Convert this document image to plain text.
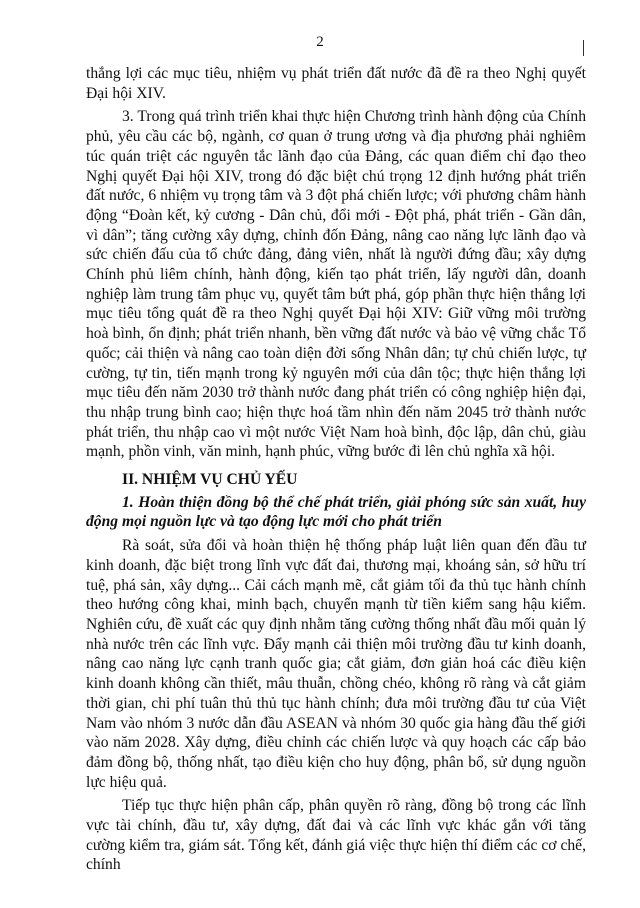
2

thắng lợi các mục tiêu, nhiệm vụ phát triển đất nước đã đề ra theo Nghị quyết Đại hội XIV.

3. Trong quá trình triển khai thực hiện Chương trình hành động của Chính phủ, yêu cầu các bộ, ngành, cơ quan ở trung ương và địa phương phải nghiêm túc quán triệt các nguyên tắc lãnh đạo của Đảng, các quan điểm chỉ đạo theo Nghị quyết Đại hội XIV, trong đó đặc biệt chú trọng 12 định hướng phát triển đất nước, 6 nhiệm vụ trọng tâm và 3 đột phá chiến lược; với phương châm hành động “Đoàn kết, kỷ cương - Dân chủ, đổi mới - Đột phá, phát triển - Gần dân, vì dân”; tăng cường xây dựng, chỉnh đốn Đảng, nâng cao năng lực lãnh đạo và sức chiến đấu của tổ chức đảng, đảng viên, nhất là người đứng đầu; xây dựng Chính phủ liêm chính, hành động, kiến tạo phát triển, lấy người dân, doanh nghiệp làm trung tâm phục vụ, quyết tâm bứt phá, góp phần thực hiện thắng lợi mục tiêu tổng quát đề ra theo Nghị quyết Đại hội XIV: Giữ vững môi trường hoà bình, ổn định; phát triển nhanh, bền vững đất nước và bảo vệ vững chắc Tổ quốc; cải thiện và nâng cao toàn diện đời sống Nhân dân; tự chủ chiến lược, tự cường, tự tin, tiến mạnh trong kỷ nguyên mới của dân tộc; thực hiện thắng lợi mục tiêu đến năm 2030 trở thành nước đang phát triển có công nghiệp hiện đại, thu nhập trung bình cao; hiện thực hoá tầm nhìn đến năm 2045 trở thành nước phát triển, thu nhập cao vì một nước Việt Nam hoà bình, độc lập, dân chủ, giàu mạnh, phồn vinh, văn minh, hạnh phúc, vững bước đi lên chủ nghĩa xã hội.

II. NHIỆM VỤ CHỦ YẾU

1. Hoàn thiện đồng bộ thể chế phát triển, giải phóng sức sản xuất, huy động mọi nguồn lực và tạo động lực mới cho phát triển

Rà soát, sửa đổi và hoàn thiện hệ thống pháp luật liên quan đến đầu tư kinh doanh, đặc biệt trong lĩnh vực đất đai, thương mại, khoáng sản, sở hữu trí tuệ, phá sản, xây dựng... Cải cách mạnh mẽ, cắt giảm tối đa thủ tục hành chính theo hướng công khai, minh bạch, chuyển mạnh từ tiền kiểm sang hậu kiểm. Nghiên cứu, đề xuất các quy định nhằm tăng cường thống nhất đầu mối quản lý nhà nước trên các lĩnh vực. Đẩy mạnh cải thiện môi trường đầu tư kinh doanh, nâng cao năng lực cạnh tranh quốc gia; cắt giảm, đơn giản hoá các điều kiện kinh doanh không cần thiết, mâu thuẫn, chồng chéo, không rõ ràng và cắt giảm thời gian, chi phí tuân thủ thủ tục hành chính; đưa môi trường đầu tư của Việt Nam vào nhóm 3 nước dẫn đầu ASEAN và nhóm 30 quốc gia hàng đầu thế giới vào năm 2028. Xây dựng, điều chỉnh các chiến lược và quy hoạch các cấp bảo đảm đồng bộ, thống nhất, tạo điều kiện cho huy động, phân bổ, sử dụng nguồn lực hiệu quả.

Tiếp tục thực hiện phân cấp, phân quyền rõ ràng, đồng bộ trong các lĩnh vực tài chính, đầu tư, xây dựng, đất đai và các lĩnh vực khác gắn với tăng cường kiểm tra, giám sát. Tổng kết, đánh giá việc thực hiện thí điểm các cơ chế, chính
